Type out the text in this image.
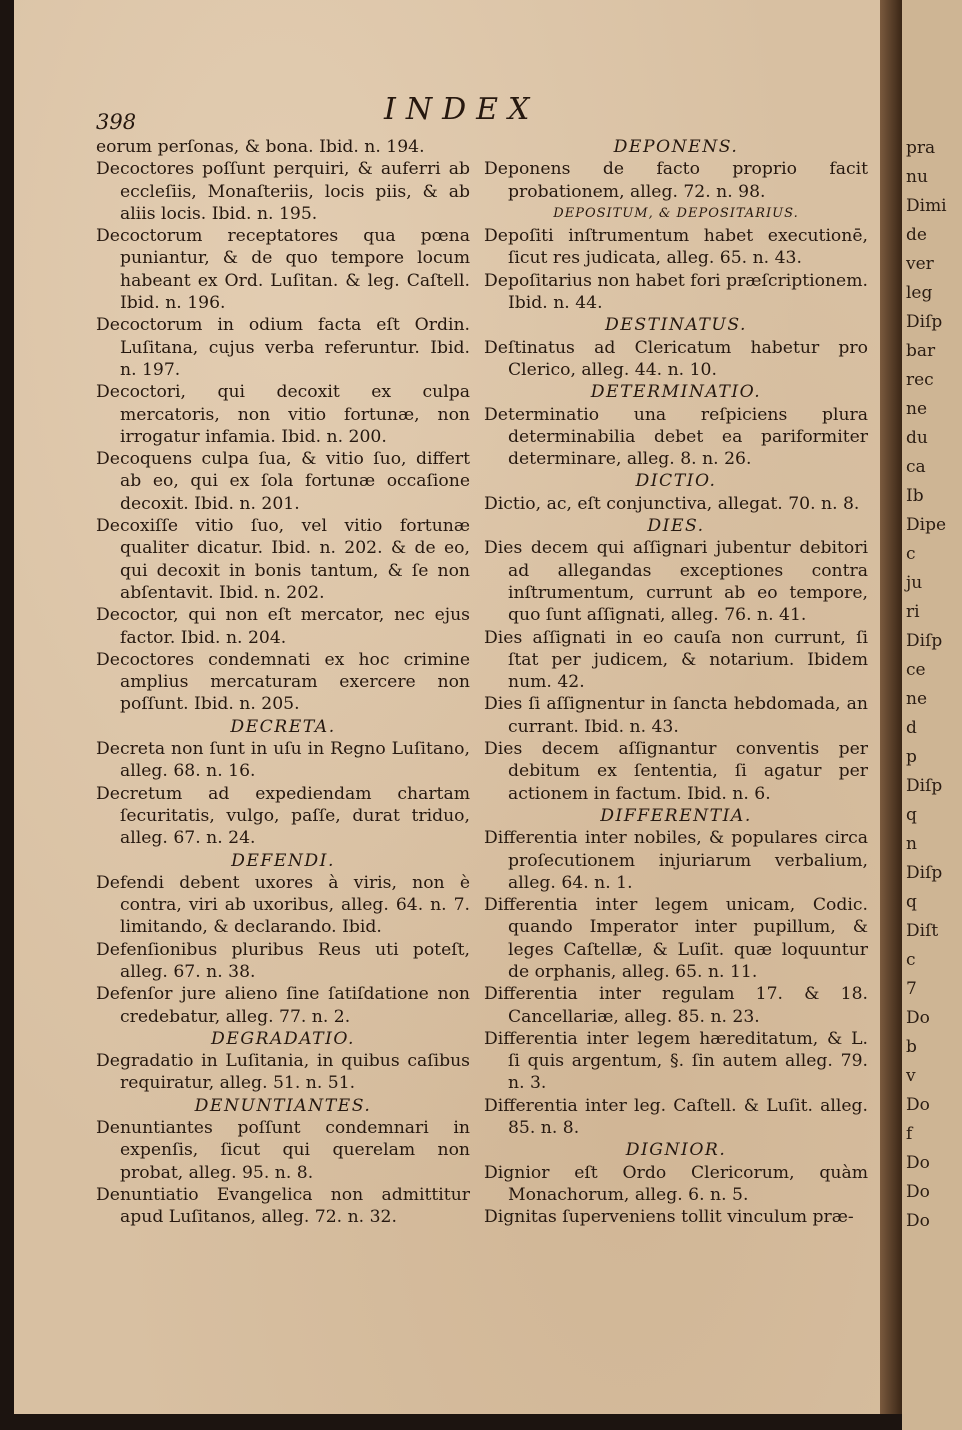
398	INDEX
eorum perſonas, & bona. Ibid. n. 194.
Decoctores poſſunt perquiri, & auferri ab eccleſiis, Monaſteriis, locis piis, & ab aliis locis. Ibid. n. 195.
Decoctorum receptatores qua pœna puniantur, & de quo tempore locum habeant ex Ord. Luſitan. & leg. Caſtell. Ibid. n. 196.
Decoctorum in odium facta eſt Ordin. Luſitana, cujus verba referuntur. Ibid. n. 197.
Decoctori, qui decoxit ex culpa mercatoris, non vitio fortunæ, non irrogatur infamia. Ibid. n. 200.
Decoquens culpa ſua, & vitio ſuo, differt ab eo, qui ex ſola fortunæ occaſione decoxit. Ibid. n. 201.
Decoxiſſe vitio ſuo, vel vitio fortunæ qualiter dicatur. Ibid. n. 202. & de eo, qui decoxit in bonis tantum, & ſe non abſentavit. Ibid. n. 202.
Decoctor, qui non eſt mercator, nec ejus factor. Ibid. n. 204.
Decoctores condemnati ex hoc crimine amplius mercaturam exercere non poſſunt. Ibid. n. 205.
DECRETA.
Decreta non ſunt in uſu in Regno Luſitano, alleg. 68. n. 16.
Decretum ad expediendam chartam ſecuritatis, vulgo, paſſe, durat triduo, alleg. 67. n. 24.
DEFENDI.
Defendi debent uxores à viris, non è contra, viri ab uxoribus, alleg. 64. n. 7. limitando, & declarando. Ibid.
Defenſionibus pluribus Reus uti poteſt, alleg. 67. n. 38.
Defenſor jure alieno ſine ſatiſdatione non credebatur, alleg. 77. n. 2.
DEGRADATIO.
Degradatio in Luſitania, in quibus caſibus requiratur, alleg. 51. n. 51.
DENUNTIANTES.
Denuntiantes poſſunt condemnari in expenſis, ſicut qui querelam non probat, alleg. 95. n. 8.
Denuntiatio Evangelica non admittitur apud Luſitanos, alleg. 72. n. 32.
DEPONENS.
Deponens de facto proprio facit probationem, alleg. 72. n. 98.
DEPOSITUM, & DEPOSITARIUS.
Depoſiti inſtrumentum habet executionē, ſicut res judicata, alleg. 65. n. 43.
Depoſitarius non habet fori præſcriptionem. Ibid. n. 44.
DESTINATUS.
Deſtinatus ad Clericatum habetur pro Clerico, alleg. 44. n. 10.
DETERMINATIO.
Determinatio una reſpiciens plura determinabilia debet ea pariformiter determinare, alleg. 8. n. 26.
DICTIO.
Dictio, ac, eſt conjunctiva, allegat. 70. n. 8.
DIES.
Dies decem qui aſſignari jubentur debitori ad allegandas exceptiones contra inſtrumentum, currunt ab eo tempore, quo ſunt aſſignati, alleg. 76. n. 41.
Dies aſſignati in eo cauſa non currunt, ſi ſtat per judicem, & notarium. Ibidem num. 42.
Dies ſi aſſignentur in ſancta hebdomada, an currant. Ibid. n. 43.
Dies decem aſſignantur conventis per debitum ex ſententia, ſi agatur per actionem in factum. Ibid. n. 6.
DIFFERENTIA.
Differentia inter nobiles, & populares circa proſecutionem injuriarum verbalium, alleg. 64. n. 1.
Differentia inter legem unicam, Codic. quando Imperator inter pupillum, & leges Caſtellæ, & Luſit. quæ loquuntur de orphanis, alleg. 65. n. 11.
Differentia inter regulam 17. & 18. Cancellariæ, alleg. 85. n. 23.
Differentia inter legem hæreditatum, & L. ſi quis argentum, §. ſin autem alleg. 79. n. 3.
Differentia inter leg. Caſtell. & Luſit. alleg. 85. n. 8.
DIGNIOR.
Dignior eſt Ordo Clericorum, quàm Monachorum, alleg. 6. n. 5.
Dignitas ſuperveniens tollit vinculum præ-
pra
nu
Dimi
de
ver
leg
Diſp
bar
rec
ne
du
ca
Ib
Dipe
c
ju
ri
Diſp
ce
ne
d
p
Diſp
q
n
Diſp
q
Diſt
c
7
Do
b
v
Do
f
Do
Do
Do
